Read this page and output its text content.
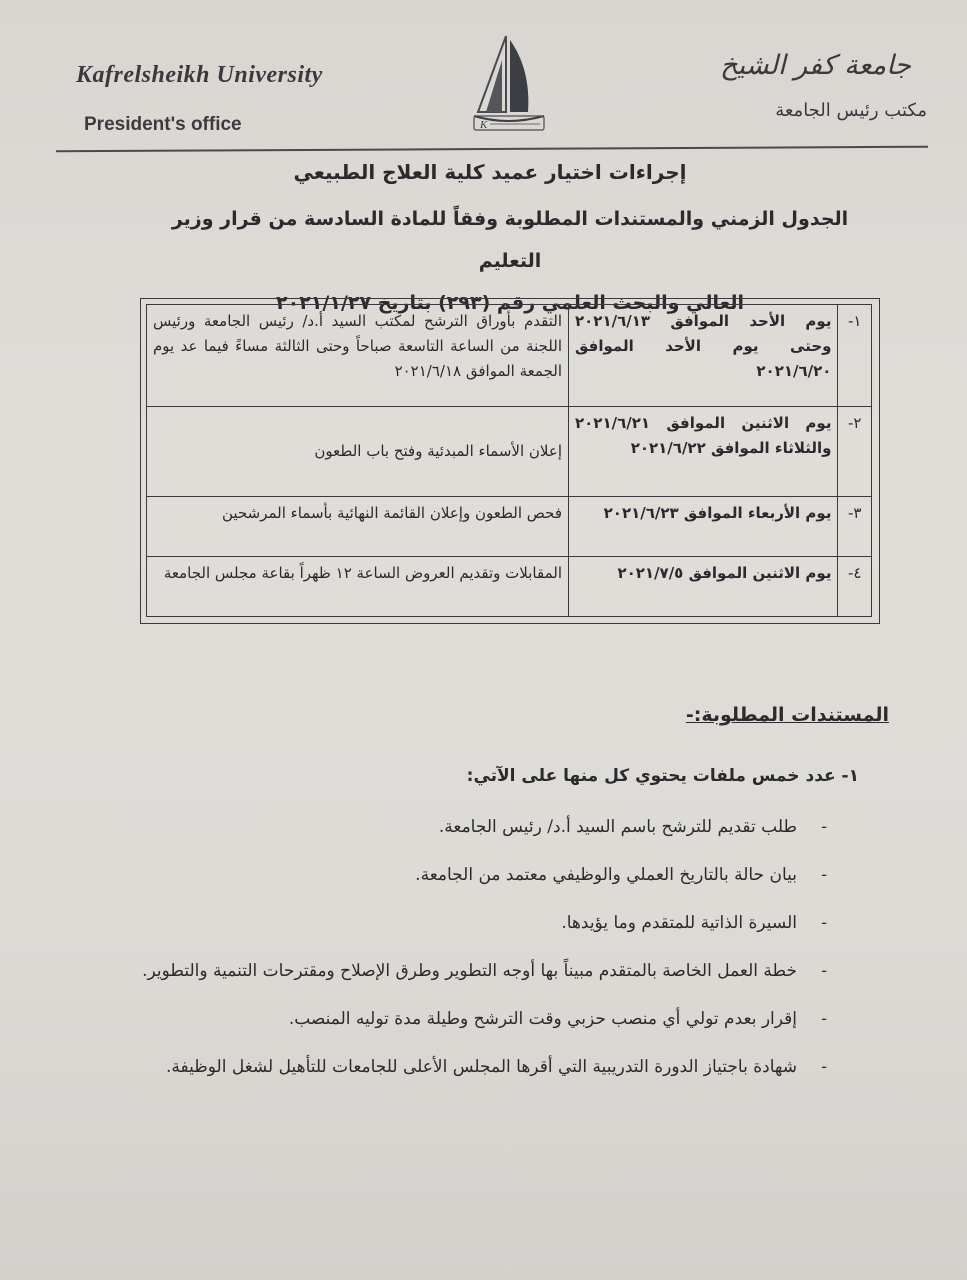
Kafrelsheikh University
President's office	K
جامعة كفر الشيخ
مكتب رئيس الجامعة
إجراءات اختيار عميد كلية العلاج الطبيعي
الجدول الزمني والمستندات المطلوبة وفقاً للمادة السادسة من قرار وزير التعليم
العالي والبحث العلمي رقم (٢٩٣) بتاريخ ٢٠٢١/١/٢٧
١-	يوم الأحد الموافق ٢٠٢١/٦/١٣ وحتى يوم الأحد الموافق ٢٠٢١/٦/٢٠	التقدم بأوراق الترشح لمكتب السيد أ.د/ رئيس الجامعة ورئيس اللجنة من الساعة التاسعة صباحاً وحتى الثالثة مساءً فيما عد يوم الجمعة الموافق ٢٠٢١/٦/١٨
٢-	يوم الاثنين الموافق ٢٠٢١/٦/٢١ والثلاثاء الموافق ٢٠٢١/٦/٢٢	إعلان الأسماء المبدئية وفتح باب الطعون
٣-	يوم الأربعاء الموافق ٢٠٢١/٦/٢٣	فحص الطعون وإعلان القائمة النهائية بأسماء المرشحين
٤-	يوم الاثنين الموافق ٢٠٢١/٧/٥	المقابلات وتقديم العروض الساعة ١٢ ظهراً بقاعة مجلس الجامعة
المستندات المطلوبة:-
١- عدد خمس ملفات يحتوي كل منها على الآتي:
-
طلب تقديم للترشح باسم السيد أ.د/ رئيس الجامعة.
-
بيان حالة بالتاريخ العملي والوظيفي معتمد من الجامعة.
-
السيرة الذاتية للمتقدم وما يؤيدها.
-
خطة العمل الخاصة بالمتقدم مبيناً بها أوجه التطوير وطرق الإصلاح ومقترحات التنمية والتطوير.
-
إقرار بعدم تولي أي منصب حزبي وقت الترشح وطيلة مدة توليه المنصب.
-
شهادة باجتياز الدورة التدريبية التي أقرها المجلس الأعلى للجامعات للتأهيل لشغل الوظيفة.
